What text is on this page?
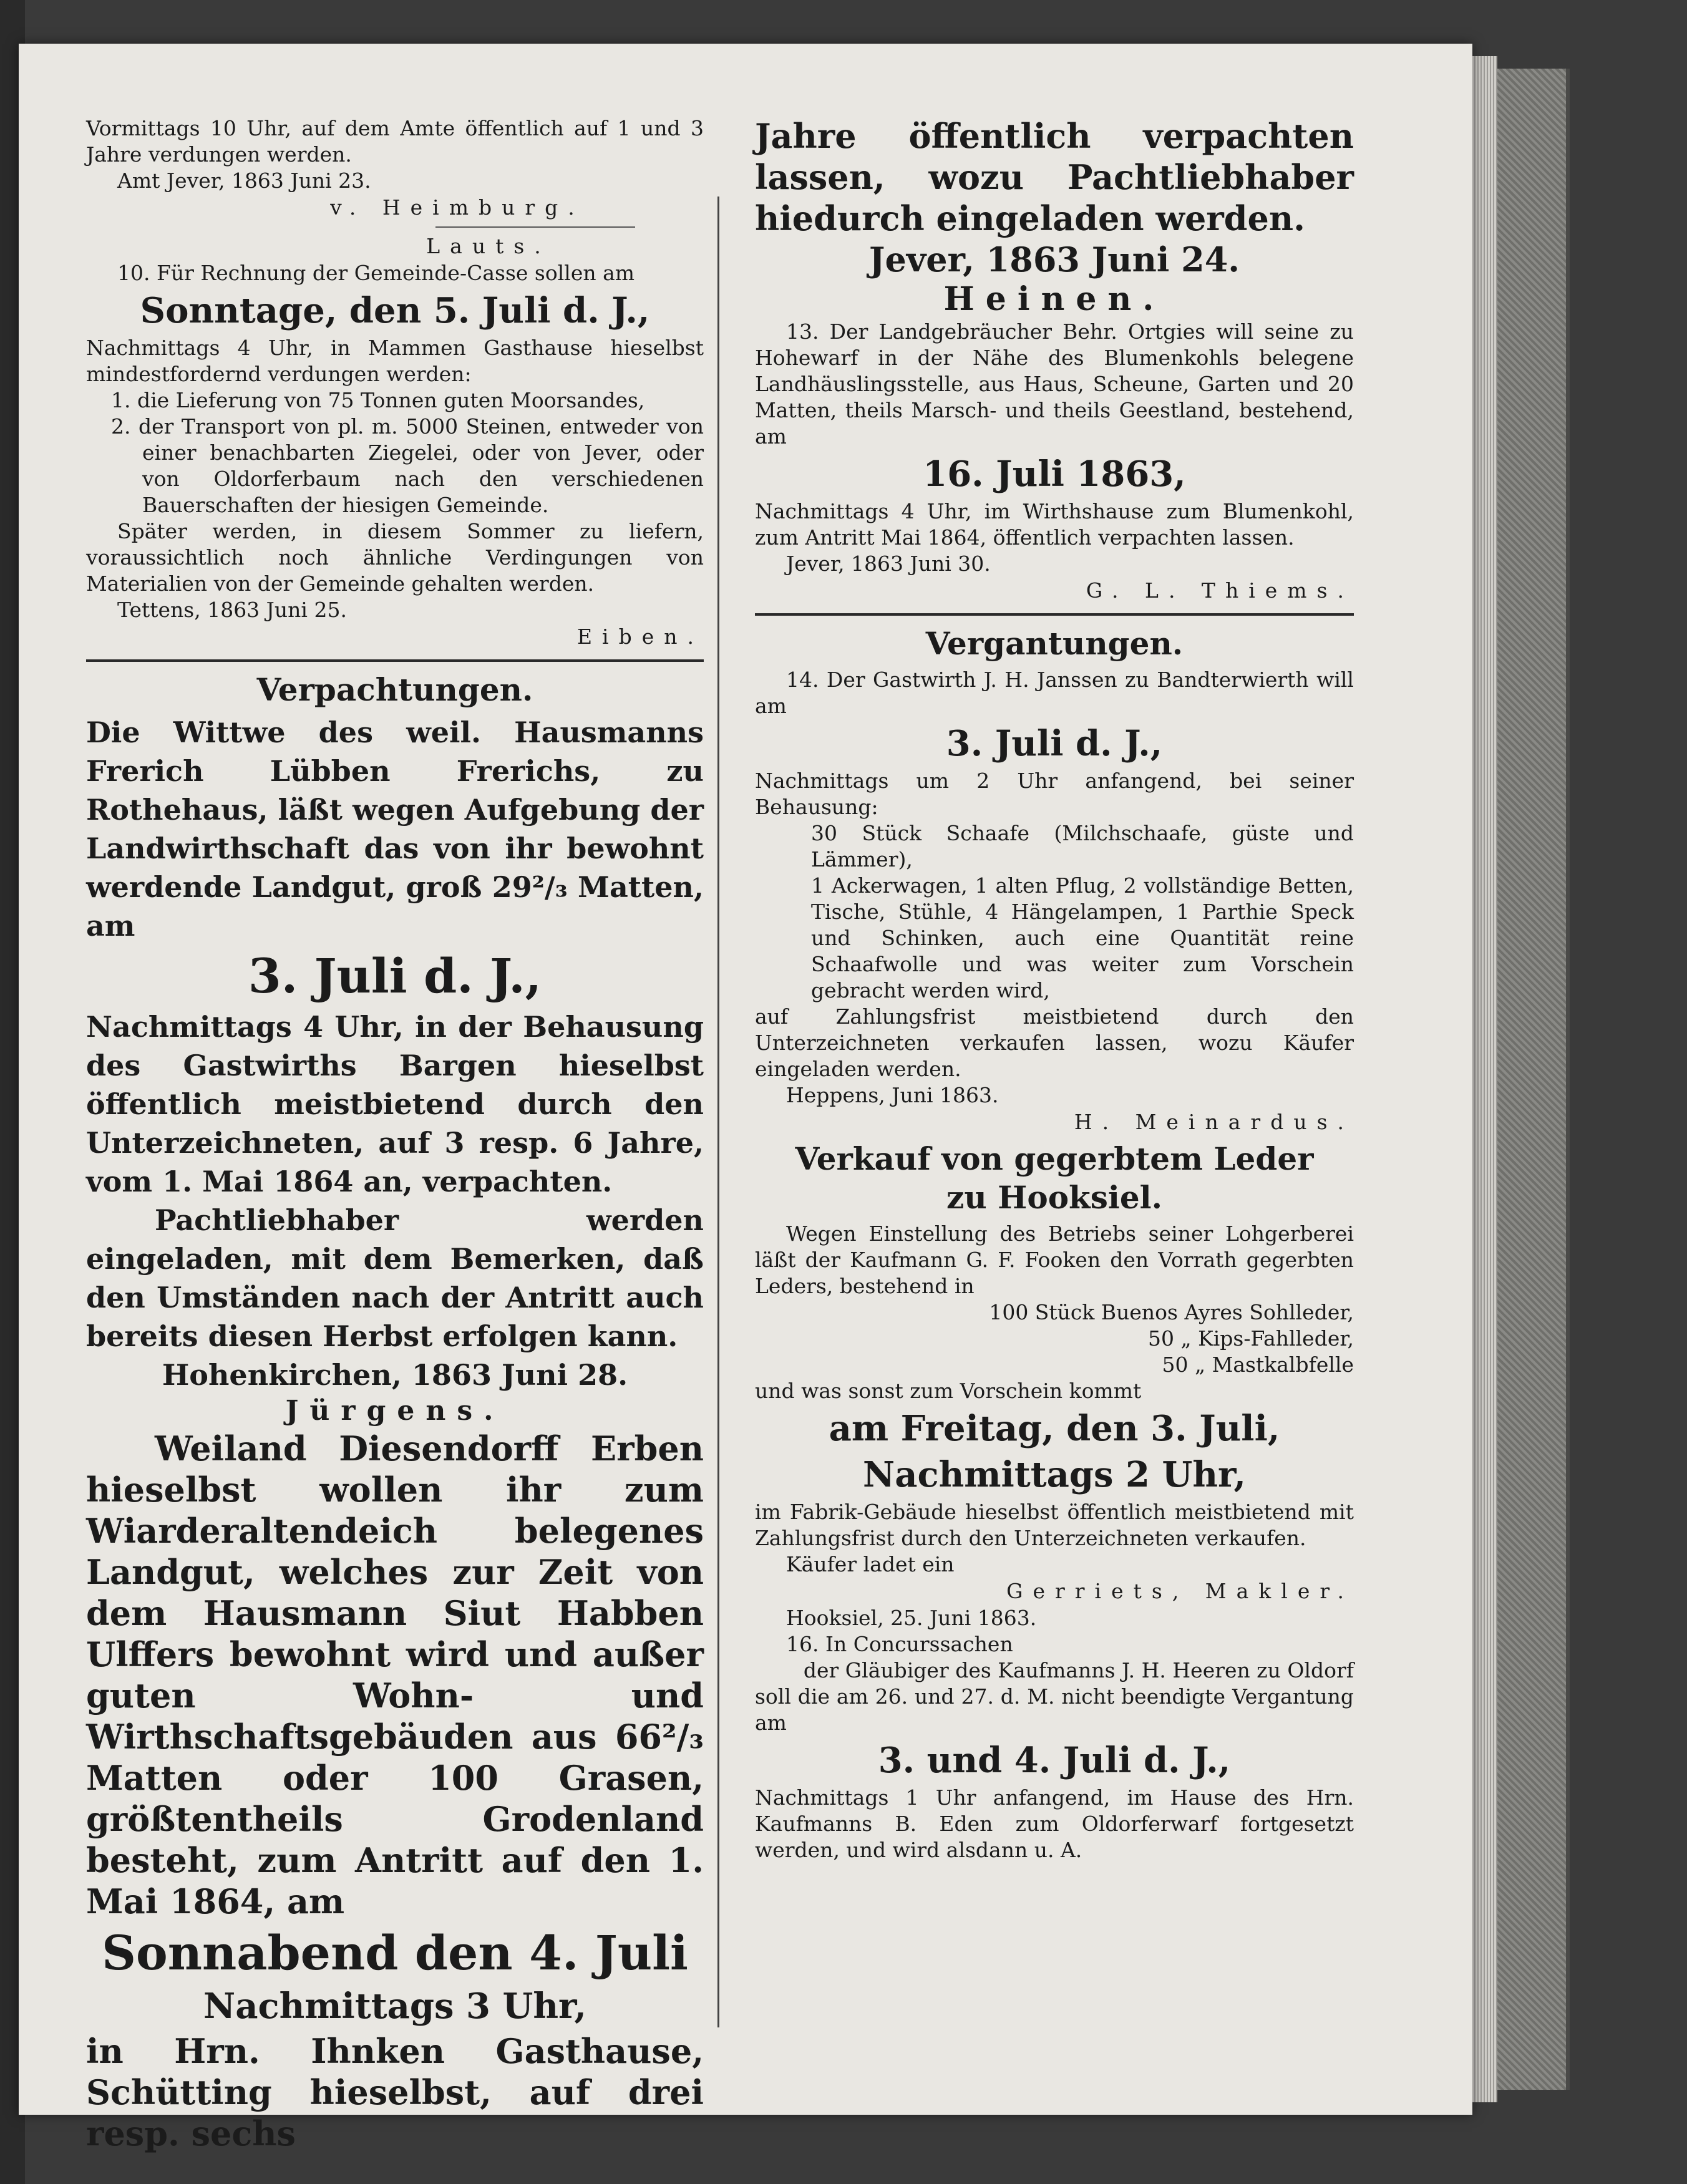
Vormittags 10 Uhr, auf dem Amte öffentlich auf 1 und 3 Jahre verdungen werden.

Amt Jever, 1863 Juni 23.

v. Heimburg.

Lauts.

10. Für Rechnung der Gemeinde-Casse sollen am

Sonntage, den 5. Juli d. J.,

Nachmittags 4 Uhr, in Mammen Gasthause hieselbst mindestfordernd verdungen werden:

1. die Lieferung von 75 Tonnen guten Moorsandes,
2. der Transport von pl. m. 5000 Steinen, entweder von einer benachbarten Ziegelei, oder von Jever, oder von Oldorferbaum nach den verschiedenen Bauerschaften der hiesigen Gemeinde.

Später werden, in diesem Sommer zu liefern, voraussichtlich noch ähnliche Verdingungen von Materialien von der Gemeinde gehalten werden.

Tettens, 1863 Juni 25.

Eiben.

Verpachtungen.

Die Wittwe des weil. Hausmanns Frerich Lübben Frerichs, zu Rothehaus, läßt wegen Aufgebung der Landwirthschaft das von ihr bewohnt werdende Landgut, groß 29²/₃ Matten, am

3. Juli d. J.,

Nachmittags 4 Uhr, in der Behausung des Gastwirths Bargen hieselbst öffentlich meistbietend durch den Unterzeichneten, auf 3 resp. 6 Jahre, vom 1. Mai 1864 an, verpachten.

Pachtliebhaber werden eingeladen, mit dem Bemerken, daß den Umständen nach der Antritt auch bereits diesen Herbst erfolgen kann.

Hohenkirchen, 1863 Juni 28.

Jürgens.

Weiland Diesendorff Erben hieselbst wollen ihr zum Wiarderaltendeich belegenes Landgut, welches zur Zeit von dem Hausmann Siut Habben Ulffers bewohnt wird und außer guten Wohn- und Wirthschaftsgebäuden aus 66²/₃ Matten oder 100 Grasen, größtentheils Grodenland besteht, zum Antritt auf den 1. Mai 1864, am

Sonnabend den 4. Juli

Nachmittags 3 Uhr,

in Hrn. Ihnken Gasthause, Schütting hieselbst, auf drei resp. sechs

Jahre öffentlich verpachten lassen, wozu Pachtliebhaber hiedurch eingeladen werden.

Jever, 1863 Juni 24.

Heinen.

13. Der Landgebräucher Behr. Ortgies will seine zu Hohewarf in der Nähe des Blumenkohls belegene Landhäuslingsstelle, aus Haus, Scheune, Garten und 20 Matten, theils Marsch- und theils Geestland, bestehend, am

16. Juli 1863,

Nachmittags 4 Uhr, im Wirthshause zum Blumenkohl, zum Antritt Mai 1864, öffentlich verpachten lassen.

Jever, 1863 Juni 30.

G. L. Thiems.

Vergantungen.

14. Der Gastwirth J. H. Janssen zu Bandterwierth will am

3. Juli d. J.,

Nachmittags um 2 Uhr anfangend, bei seiner Behausung:

30 Stück Schaafe (Milchschaafe, güste und Lämmer),

1 Ackerwagen, 1 alten Pflug, 2 vollständige Betten, Tische, Stühle, 4 Hängelampen, 1 Parthie Speck und Schinken, auch eine Quantität reine Schaafwolle und was weiter zum Vorschein gebracht werden wird,

auf Zahlungsfrist meistbietend durch den Unterzeichneten verkaufen lassen, wozu Käufer eingeladen werden.

Heppens, Juni 1863.

H. Meinardus.

Verkauf von gegerbtem Leder

zu Hooksiel.

Wegen Einstellung des Betriebs seiner Lohgerberei läßt der Kaufmann G. F. Fooken den Vorrath gegerbten Leders, bestehend in

100 Stück Buenos Ayres Sohlleder,

50 „ Kips-Fahlleder,

50 „ Mastkalbfelle

und was sonst zum Vorschein kommt

am Freitag, den 3. Juli,

Nachmittags 2 Uhr,

im Fabrik-Gebäude hieselbst öffentlich meistbietend mit Zahlungsfrist durch den Unterzeichneten verkaufen.

Käufer ladet ein

Gerriets, Makler.

Hooksiel, 25. Juni 1863.

16. In Concurssachen

der Gläubiger des Kaufmanns J. H. Heeren zu Oldorf

soll die am 26. und 27. d. M. nicht beendigte Vergantung am

3. und 4. Juli d. J.,

Nachmittags 1 Uhr anfangend, im Hause des Hrn. Kaufmanns B. Eden zum Oldorferwarf fortgesetzt werden, und wird alsdann u. A.
